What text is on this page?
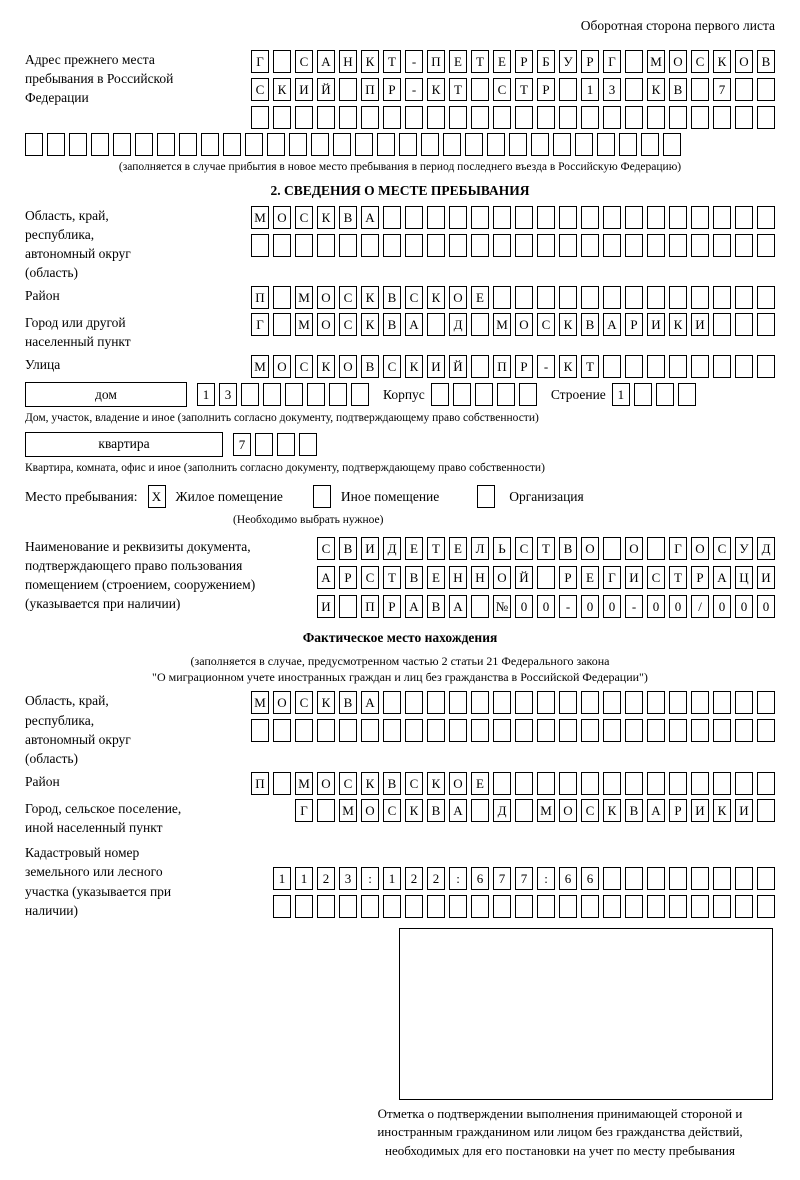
Оборотная сторона первого листа
Адрес прежнего места пребывания в Российской Федерации
Г	С А Н К	Т	-	П	Е	Т	Е	Р	Б	У	Р	Г	М О С	К О В
С	К И Й	П	Р	-	К	Т	С	Т	Р	1	3	К	В	7
(заполняется в случае прибытия в новое место пребывания в период последнего въезда в Российскую Федерацию)
2. СВЕДЕНИЯ О МЕСТЕ ПРЕБЫВАНИЯ
Область, край, республика, автономный округ (область)
М О С	К	В А
Район	П	М О С	К	В	С	К О	Е
Город или другой населенный пункт
Г	М О С	К	В А	Д	М О С	К	В А	Р	И К И
Улица	М О С	К О В	С	К И Й	П	Р	-	К	Т
дом	1	3	Корпус	Строение 1
Дом, участок, владение и иное (заполнить согласно документу, подтверждающему право собственности)
квартира	7
Квартира, комната, офис и иное (заполнить согласно документу, подтверждающему право собственности)
Место пребывания:	X	Жилое помещение	Иное помещение	Организация
(Необходимо выбрать нужное)
Наименование и реквизиты документа, подтверждающего право пользования помещением (строением, сооружением) (указывается при наличии)
С	В И Д	Е	Т	Е	Л	Ь	С	Т	В О	О	Г	О С	У Д
А	Р	С	Т	В	Е	Н Н О Й	Р	Е	Г	И С	Т	Р	А Ц И
И	П	Р	А В А	№ 0	0	-	0	0	-	0	0	/	0	0	0
Фактическое место нахождения
(заполняется в случае, предусмотренном частью 2 статьи 21 Федерального закона
"О миграционном учете иностранных граждан и лиц без гражданства в Российской Федерации")
Область, край, республика, автономный округ (область)
М О С	К	В А
Район	П	М О С	К	В	С	К О	Е
Город, сельское поселение, иной населенный пункт
Г	М О С	К	В А	Д	М О С	К	В А	Р	И К И
Кадастровый номер земельного или лесного участка (указывается при наличии)
1	1	2	3	:	1	2	2	:	6	7	7	:	6	6
Отметка о подтверждении выполнения принимающей стороной и иностранным гражданином или лицом без гражданства действий, необходимых для его постановки на учет по месту пребывания
